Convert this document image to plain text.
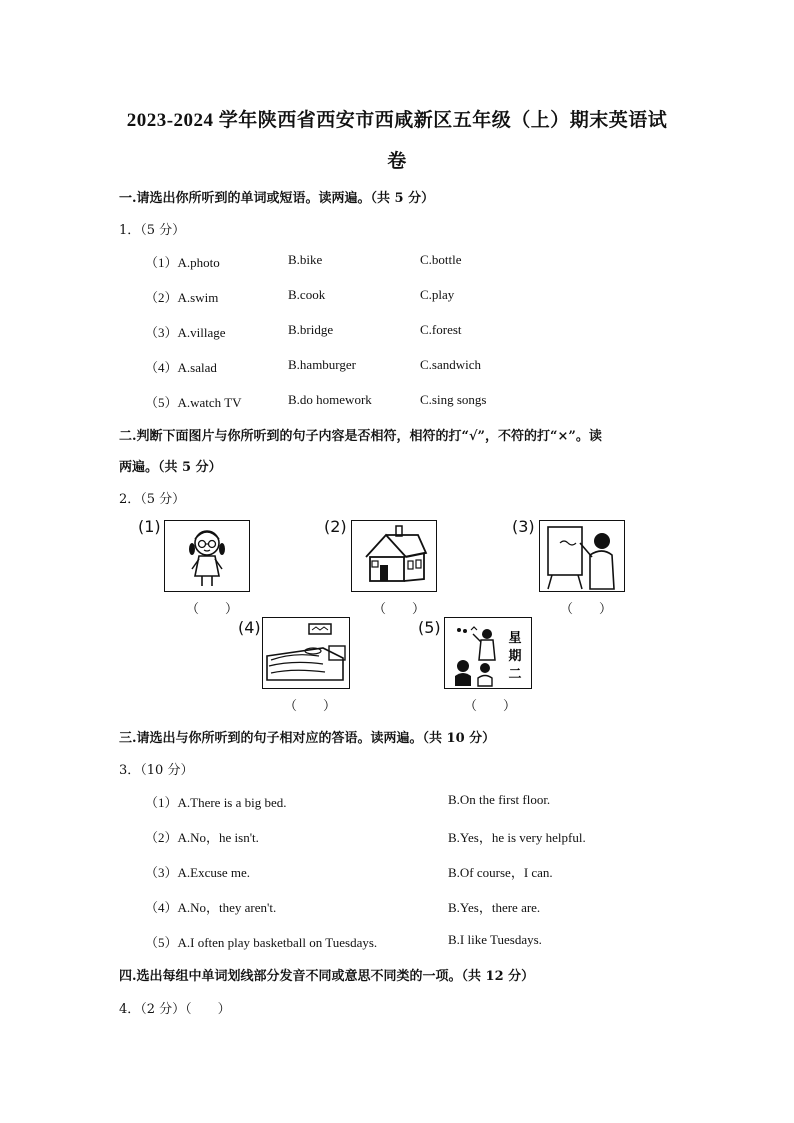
2023-2024 学年陕西省西安市西咸新区五年级（上）期末英语试
卷
一.请选出你所听到的单词或短语。读两遍。（共 5 分）
1．（5 分）
（1）A.photo	B.bike	C.bottle
（2）A.swim	B.cook	C.play
（3）A.village	B.bridge	C.forest
（4）A.salad	B.hamburger	C.sandwich
（5）A.watch TV	B.do homework	C.sing songs
二.判断下面图片与你所听到的句子内容是否相符，相符的打“√”，不符的打“×”。读
两遍。（共 5 分）
2．（5 分）
(1)
（　　）
(2)
（　　）
(3)
（　　）
(4)
（　　）
(5)
星
期
二
（　　）
三.请选出与你所听到的句子相对应的答语。读两遍。（共 10 分）
3．（10 分）
（1）A.There is a big bed.	B.On the first floor.
（2）A.No，he isn't.	B.Yes，he is very helpful.
（3）A.Excuse me.	B.Of course，I can.
（4）A.No，they aren't.	B.Yes，there are.
（5）A.I often play basketball on Tuesdays.	B.I like Tuesdays.
四.选出每组中单词划线部分发音不同或意思不同类的一项。（共 12 分）
4．（2 分）（　　）
